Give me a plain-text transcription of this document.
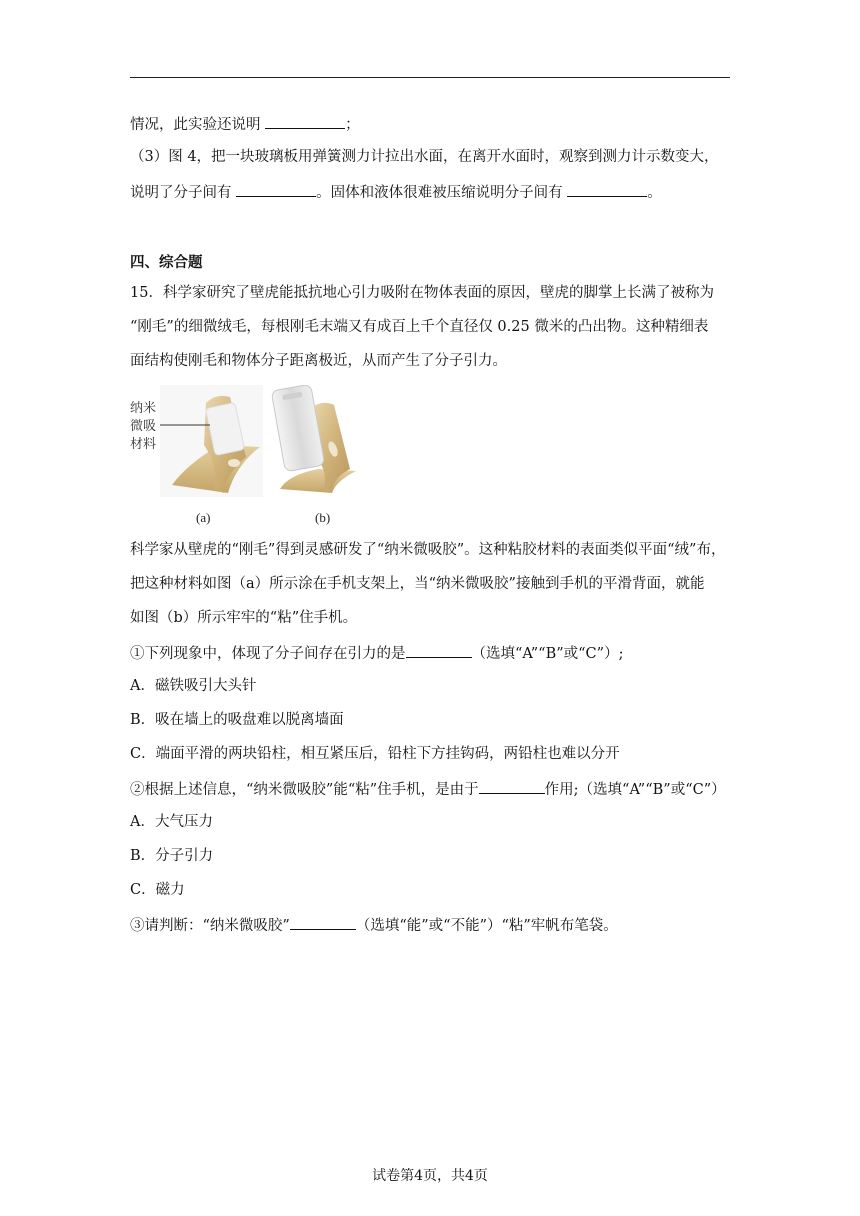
情况，此实验还说明	；
（3）图 4，把一块玻璃板用弹簧测力计拉出水面，在离开水面时，观察到测力计示数变大，
说明了分子间有	。固体和液体很难被压缩说明分子间有	。
四、综合题
15．科学家研究了壁虎能抵抗地心引力吸附在物体表面的原因，壁虎的脚掌上长满了被称为
“刚毛”的细微绒毛，每根刚毛末端又有成百上千个直径仅 0.25 微米的凸出物。这种精细表
面结构使刚毛和物体分子距离极近，从而产生了分子引力。
纳米
微吸
材料
(a)	(b)
科学家从壁虎的“刚毛”得到灵感研发了“纳米微吸胶”。这种粘胶材料的表面类似平面“绒”布，
把这种材料如图（a）所示涂在手机支架上，当“纳米微吸胶”接触到手机的平滑背面，就能
如图（b）所示牢牢的“粘”住手机。
①下列现象中，体现了分子间存在引力的是	（选填“A”“B”或“C”）;
A．磁铁吸引大头针
B．吸在墙上的吸盘难以脱离墙面
C．端面平滑的两块铅柱，相互紧压后，铅柱下方挂钩码，两铅柱也难以分开
②根据上述信息，“纳米微吸胶”能“粘”住手机，是由于	作用;（选填“A”“B”或“C”）
A．大气压力
B．分子引力
C．磁力
③请判断：“纳米微吸胶”	（选填“能”或“不能”）“粘”牢帆布笔袋。
试卷第4页，共4页
